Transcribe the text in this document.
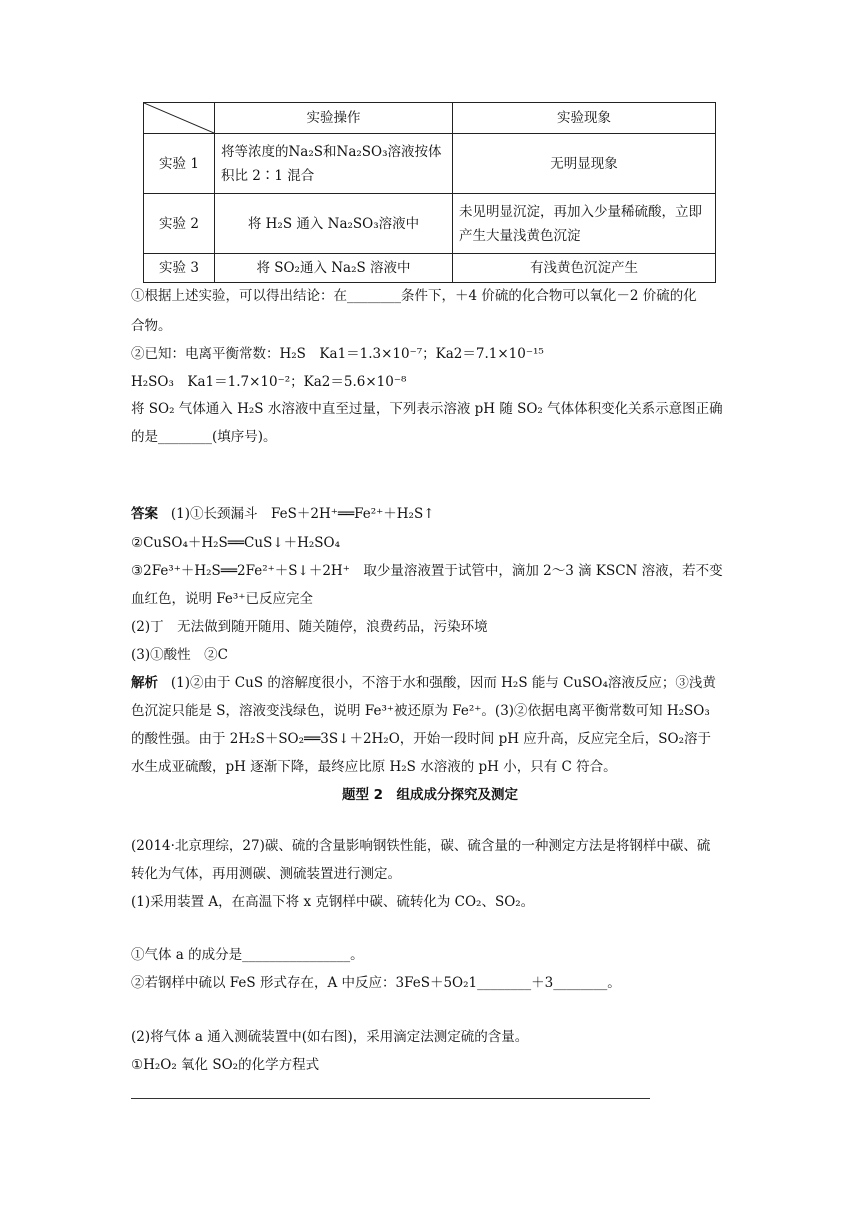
	实验操作	实验现象
实验 1	将等浓度的Na₂S和Na₂SO₃溶液按体积比 2∶1 混合	无明显现象
实验 2	将 H₂S 通入 Na₂SO₃溶液中	未见明显沉淀，再加入少量稀硫酸，立即产生大量浅黄色沉淀
实验 3	将 SO₂通入 Na₂S 溶液中	有浅黄色沉淀产生
①根据上述实验，可以得出结论：在________条件下，＋4 价硫的化合物可以氧化－2 价硫的化
合物。
②已知：电离平衡常数：H₂S　Ka1＝1.3×10⁻⁷；Ka2＝7.1×10⁻¹⁵
H₂SO₃　Ka1＝1.7×10⁻²；Ka2＝5.6×10⁻⁸
将 SO₂ 气体通入 H₂S 水溶液中直至过量，下列表示溶液 pH 随 SO₂ 气体体积变化关系示意图正确
的是________(填序号)。
答案 (1)①长颈漏斗　FeS＋2H⁺══Fe²⁺＋H₂S↑
②CuSO₄＋H₂S══CuS↓＋H₂SO₄
③2Fe³⁺＋H₂S══2Fe²⁺＋S↓＋2H⁺　取少量溶液置于试管中，滴加 2～3 滴 KSCN 溶液，若不变
血红色，说明 Fe³⁺已反应完全
(2)丁　无法做到随开随用、随关随停，浪费药品，污染环境
(3)①酸性　②C
解析 (1)②由于 CuS 的溶解度很小，不溶于水和强酸，因而 H₂S 能与 CuSO₄溶液反应；③浅黄
色沉淀只能是 S，溶液变浅绿色，说明 Fe³⁺被还原为 Fe²⁺。(3)②依据电离平衡常数可知 H₂SO₃
的酸性强。由于 2H₂S＋SO₂══3S↓＋2H₂O，开始一段时间 pH 应升高，反应完全后，SO₂溶于
水生成亚硫酸，pH 逐渐下降，最终应比原 H₂S 水溶液的 pH 小，只有 C 符合。
题型 2　组成成分探究及测定
(2014·北京理综，27)碳、硫的含量影响钢铁性能，碳、硫含量的一种测定方法是将钢样中碳、硫
转化为气体，再用测碳、测硫装置进行测定。
(1)采用装置 A，在高温下将 x 克钢样中碳、硫转化为 CO₂、SO₂。
①气体 a 的成分是________________。
②若钢样中硫以 FeS 形式存在，A 中反应：3FeS＋5O₂1________＋3________。
(2)将气体 a 通入测硫装置中(如右图)，采用滴定法测定硫的含量。
①H₂O₂ 氧化 SO₂的化学方程式
